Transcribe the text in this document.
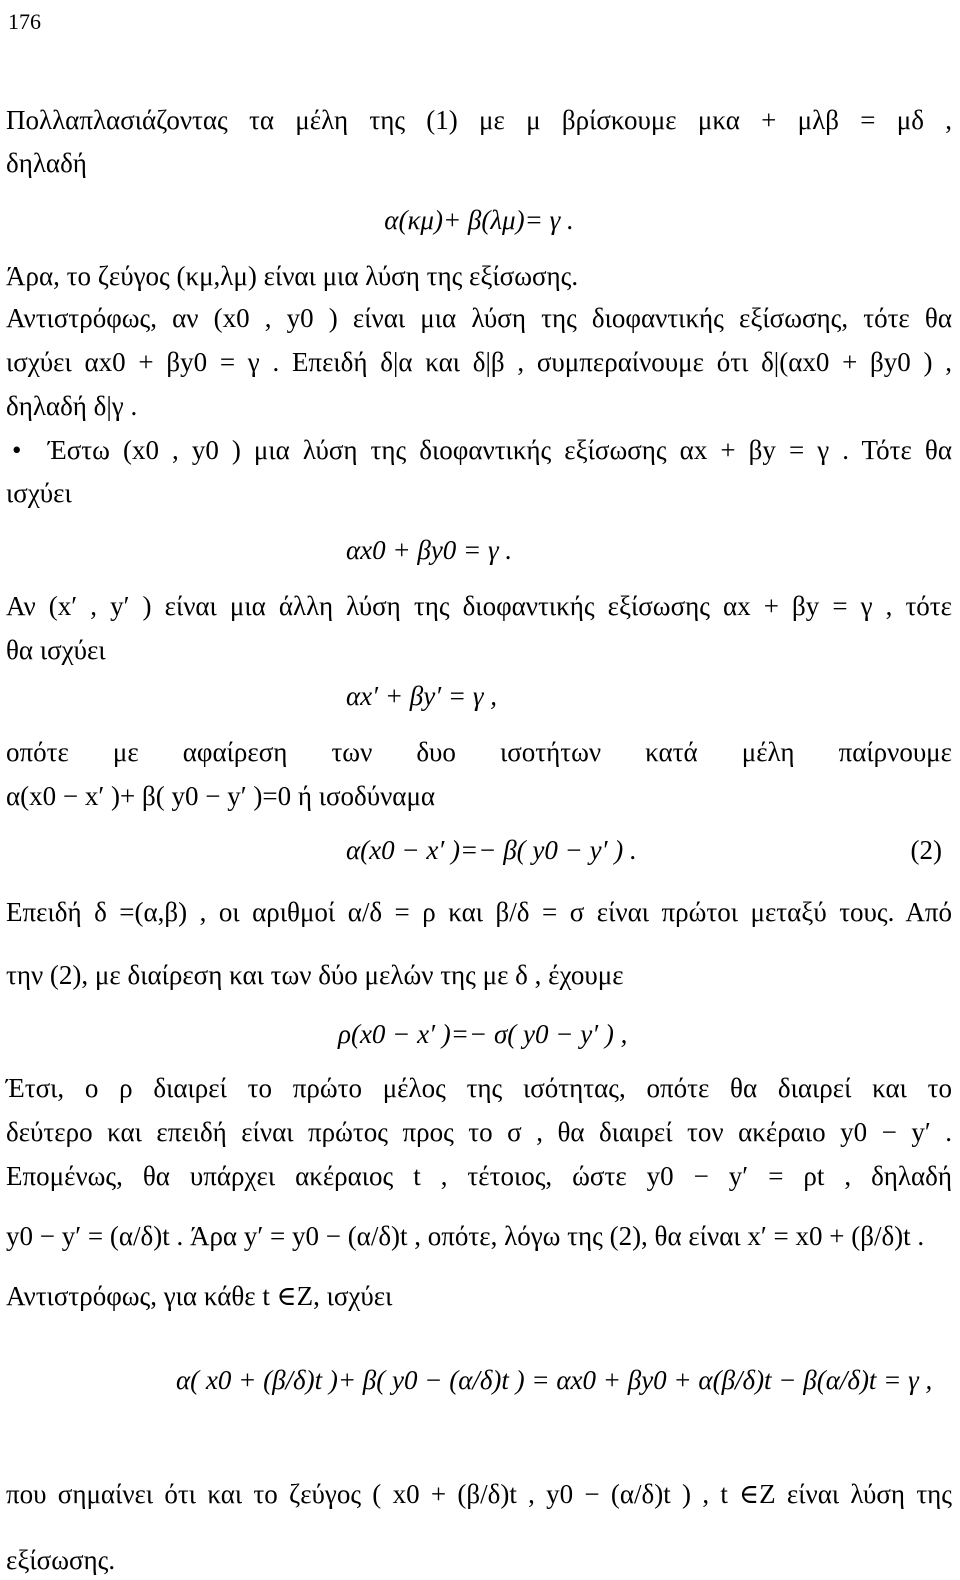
176
Πολλαπλασιάζοντας τα μέλη της (1) με μ βρίσκουμε μκα + μλβ = μδ ,
δηλαδή
α(κμ)+ β(λμ)= γ .
Άρα, το ζεύγος (κμ,λμ) είναι μια λύση της εξίσωσης.
Αντιστρόφως, αν (x0 , y0 ) είναι μια λύση της διοφαντικής εξίσωσης, τότε θα
ισχύει αx0 + βy0 = γ . Επειδή δ|α και δ|β , συμπεραίνουμε ότι δ|(αx0 + βy0 ) ,
δηλαδή δ|γ .
• Έστω (x0 , y0 ) μια λύση της διοφαντικής εξίσωσης αx + βy = γ . Τότε θα
ισχύει
αx0 + βy0 = γ .
Αν (x′ , y′ ) είναι μια άλλη λύση της διοφαντικής εξίσωσης αx + βy = γ , τότε
θα ισχύει
αx′ + βy′ = γ ,
οπότε με αφαίρεση των δυο ισοτήτων κατά μέλη παίρνουμε
α(x0 − x′ )+ β( y0 − y′ )=0 ή ισοδύναμα
α(x0 − x′ )=− β( y0 − y′ ) .	(2)
Επειδή δ =(α,β) , οι αριθμοί α/δ = ρ και β/δ = σ είναι πρώτοι μεταξύ τους. Από
την (2), με διαίρεση και των δύο μελών της με δ , έχουμε
ρ(x0 − x′ )=− σ( y0 − y′ ) ,
Έτσι, ο ρ διαιρεί το πρώτο μέλος της ισότητας, οπότε θα διαιρεί και το
δεύτερο και επειδή είναι πρώτος προς το σ , θα διαιρεί τον ακέραιο y0 − y′ .
Επομένως, θα υπάρχει ακέραιος t , τέτοιος, ώστε y0 − y′ = ρt , δηλαδή
y0 − y′ = (α/δ)t . Άρα y′ = y0 − (α/δ)t , οπότε, λόγω της (2), θα είναι x′ = x0 + (β/δ)t .
Αντιστρόφως, για κάθε t ∈Z, ισχύει
α( x0 + (β/δ)t )+ β( y0 − (α/δ)t ) = αx0 + βy0 + α(β/δ)t − β(α/δ)t = γ ,
που σημαίνει ότι και το ζεύγος ( x0 + (β/δ)t , y0 − (α/δ)t ) , t ∈Z είναι λύση της
εξίσωσης.
